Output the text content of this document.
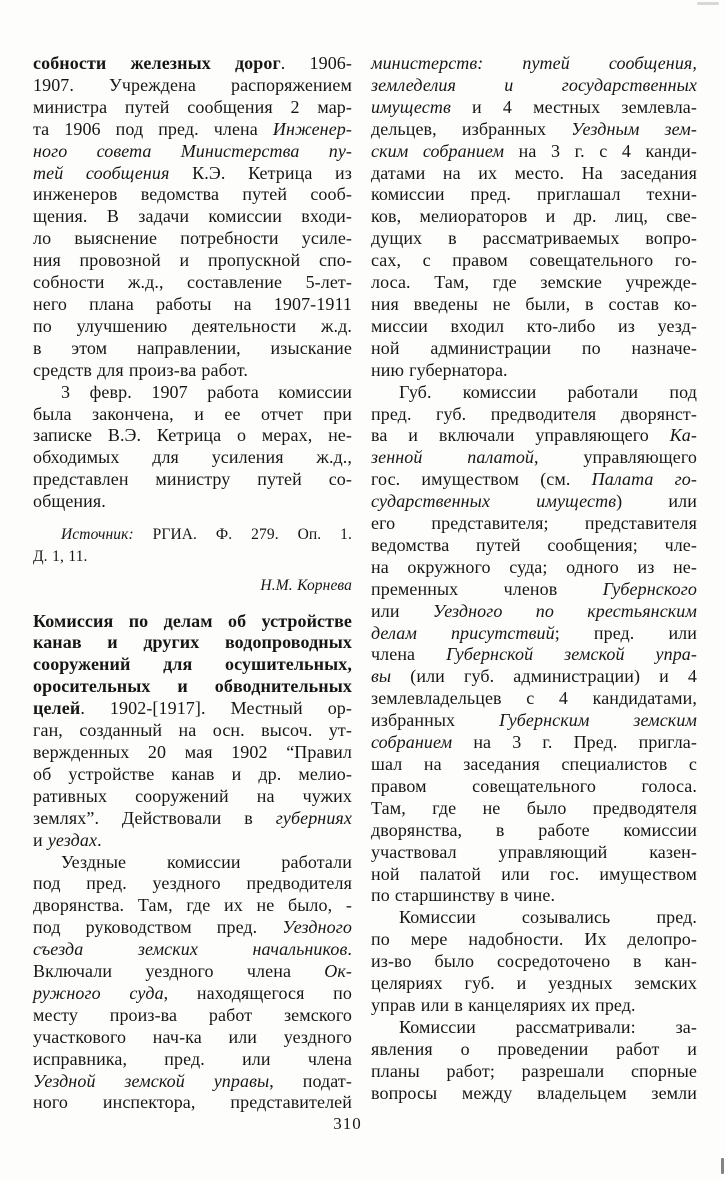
собности железных дорог. 1906-
1907. Учреждена распоряжением
министра путей сообщения 2 мар-
та 1906 под пред. члена Инженер-
ного совета Министерства пу-
тей сообщения К.Э. Кетрица из
инженеров ведомства путей сооб-
щения. В задачи комиссии входи-
ло выяснение потребности усиле-
ния провозной и пропускной спо-
собности ж.д., составление 5-лет-
него плана работы на 1907-1911
по улучшению деятельности ж.д.
в этом направлении, изыскание
средств для произ-ва работ.
3 февр. 1907 работа комиссии
была закончена, и ее отчет при
записке В.Э. Кетрица о мерах, не-
обходимых для усиления ж.д.,
представлен министру путей со-
общения.
Источник: РГИА. Ф. 279. Оп. 1.
Д. 1, 11.
Н.М. Корнева
Комиссия по делам об устройстве
канав и других водопроводных
сооружений для осушительных,
оросительных и обводнительных
целей. 1902-[1917]. Местный ор-
ган, созданный на осн. высоч. ут-
вержденных 20 мая 1902 “Правил
об устройстве канав и др. мелио-
ративных сооружений на чужих
землях”. Действовали в губерниях
и уездах.
Уездные комиссии работали
под пред. уездного предводителя
дворянства. Там, где их не было, -
под руководством пред. Уездного
съезда земских начальников.
Включали уездного члена Ок-
ружного суда, находящегося по
месту произ-ва работ земского
участкового нач-ка или уездного
исправника, пред. или члена
Уездной земской управы, подат-
ного инспектора, представителей
министерств: путей сообщения,
земледелия и государственных
имуществ и 4 местных землевла-
дельцев, избранных Уездным зем-
ским собранием на 3 г. с 4 канди-
датами на их место. На заседания
комиссии пред. приглашал техни-
ков, мелиораторов и др. лиц, све-
дущих в рассматриваемых вопро-
сах, с правом совещательного го-
лоса. Там, где земские учрежде-
ния введены не были, в состав ко-
миссии входил кто-либо из уезд-
ной администрации по назначе-
нию губернатора.
Губ. комиссии работали под
пред. губ. предводителя дворянст-
ва и включали управляющего Ка-
зенной палатой, управляющего
гос. имуществом (см. Палата го-
сударственных имуществ) или
его представителя; представителя
ведомства путей сообщения; чле-
на окружного суда; одного из не-
пременных членов Губернского
или Уездного по крестьянским
делам присутствий; пред. или
члена Губернской земской упра-
вы (или губ. администрации) и 4
землевладельцев с 4 кандидатами,
избранных Губернским земским
собранием на 3 г. Пред. пригла-
шал на заседания специалистов с
правом совещательного голоса.
Там, где не было предводятеля
дворянства, в работе комиссии
участвовал управляющий казен-
ной палатой или гос. имуществом
по старшинству в чине.
Комиссии созывались пред.
по мере надобности. Их делопро-
из-во было сосредоточено в кан-
целяриях губ. и уездных земских
управ или в канцеляриях их пред.
Комиссии рассматривали: за-
явления о проведении работ и
планы работ; разрешали спорные
вопросы между владельцем земли
310
